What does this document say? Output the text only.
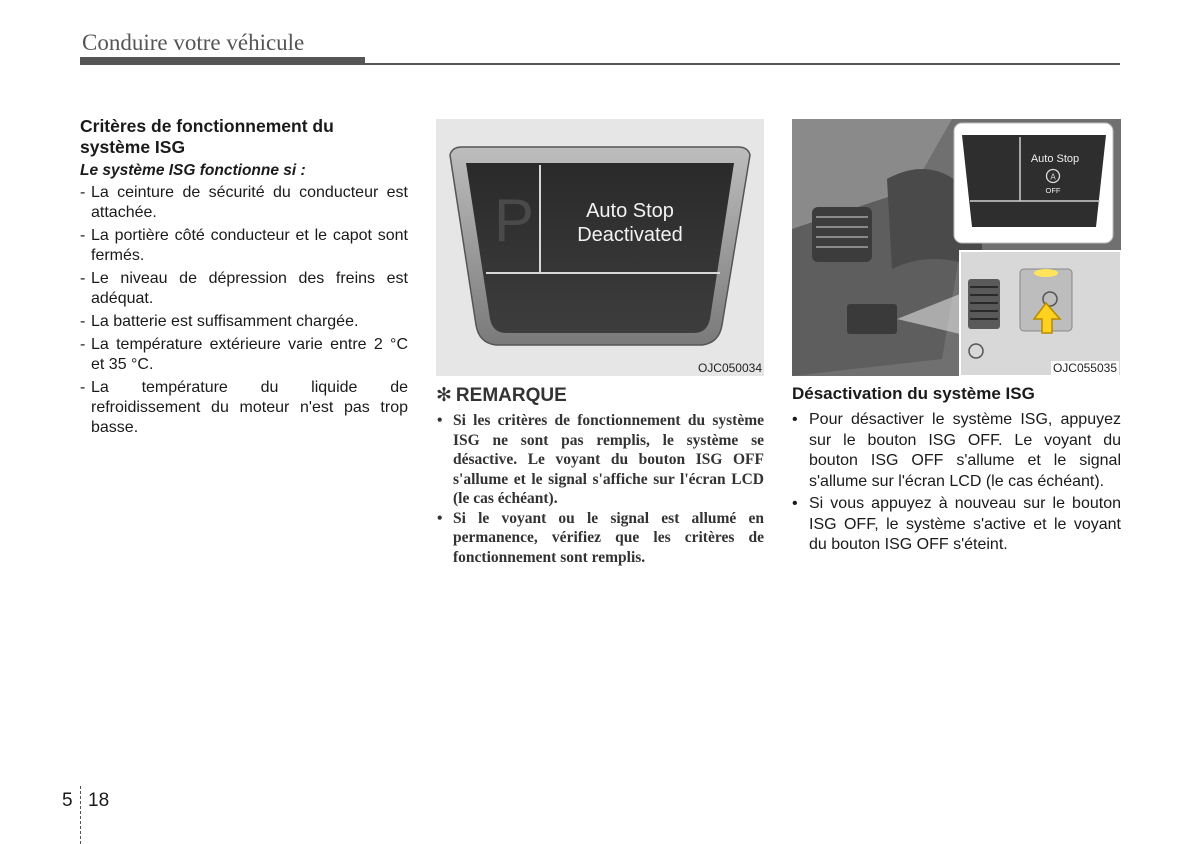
Conduire votre véhicule
Critères de fonctionnement du système ISG
Le système ISG fonctionne si :
- La ceinture de sécurité du conducteur est attachée.
- La portière côté conducteur et le capot sont fermés.
- Le niveau de dépression des freins est adéquat.
- La batterie est suffisamment chargée.
- La température extérieure varie entre 2 °C et 35 °C.
- La température du liquide de refroidissement du moteur n'est pas trop basse.
P	Auto Stop
Deactivated
OJC050034
Auto Stop
A
OFF
OJC055035
✻ REMARQUE
• Si les critères de fonctionnement du système ISG ne sont pas remplis, le système se désactive. Le voyant du bouton ISG OFF s'allume et le signal s'affiche sur l'écran LCD (le cas échéant).
• Si le voyant ou le signal est allumé en permanence, vérifiez que les critères de fonctionnement sont remplis.
Désactivation du système ISG
• Pour désactiver le système ISG, appuyez sur le bouton ISG OFF. Le voyant du bouton ISG OFF s'allume et le signal s'allume sur l'écran LCD (le cas échéant).
• Si vous appuyez à nouveau sur le bouton ISG OFF, le système s'active et le voyant du bouton ISG OFF s'éteint.
5 18
